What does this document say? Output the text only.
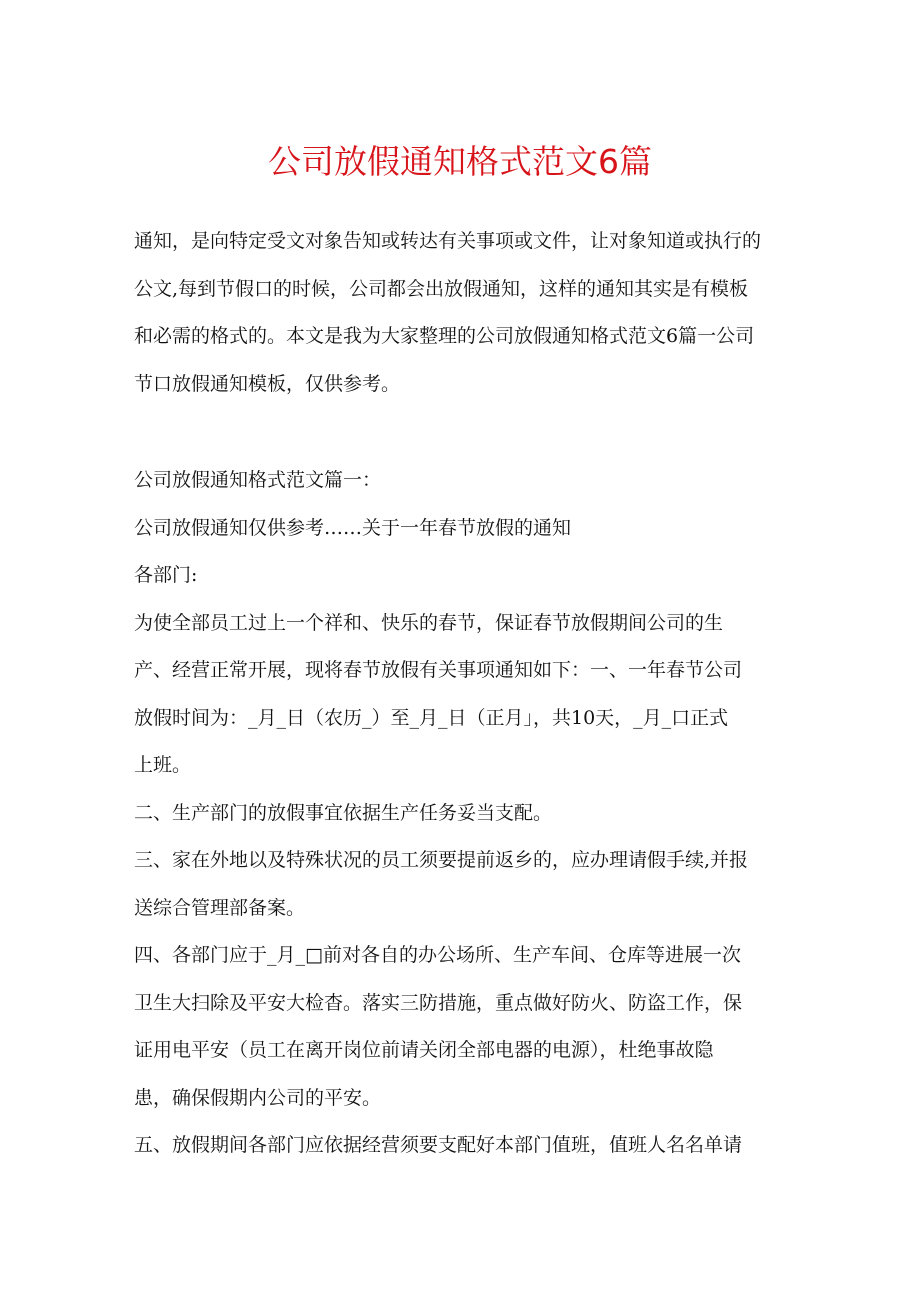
公司放假通知格式范文6篇
通知，是向特定受文对象告知或转达有关事项或文件，让对象知道或执行的
公文,每到节假口的时候，公司都会出放假通知，这样的通知其实是有模板
和必需的格式的。本文是我为大家整理的公司放假通知格式范文6篇一公司
节口放假通知模板，仅供参考。
公司放假通知格式范文篇一：
公司放假通知仅供参考……关于一年春节放假的通知
各部门:
为使全部员工过上一个祥和、快乐的春节，保证春节放假期间公司的生
产、经营正常开展，现将春节放假有关事项通知如下：一、一年春节公司
放假时间为：_月_日（农历_）至_月_日（正月」，共10天，_月_口正式
上班。
二、生产部门的放假事宜依据生产任务妥当支配。
三、家在外地以及特殊状况的员工须要提前返乡的，应办理请假手续,并报
送综合管理部备案。
四、各部门应于_月_□前对各自的办公场所、生产车间、仓库等进展一次
卫生大扫除及平安大检杳。落实三防措施，重点做好防火、防盗工作，保
证用电平安（员工在离开岗位前请关闭全部电器的电源），杜绝事故隐
患，确保假期内公司的平安。
五、放假期间各部门应依据经营须要支配好本部门值班，值班人名名单请
